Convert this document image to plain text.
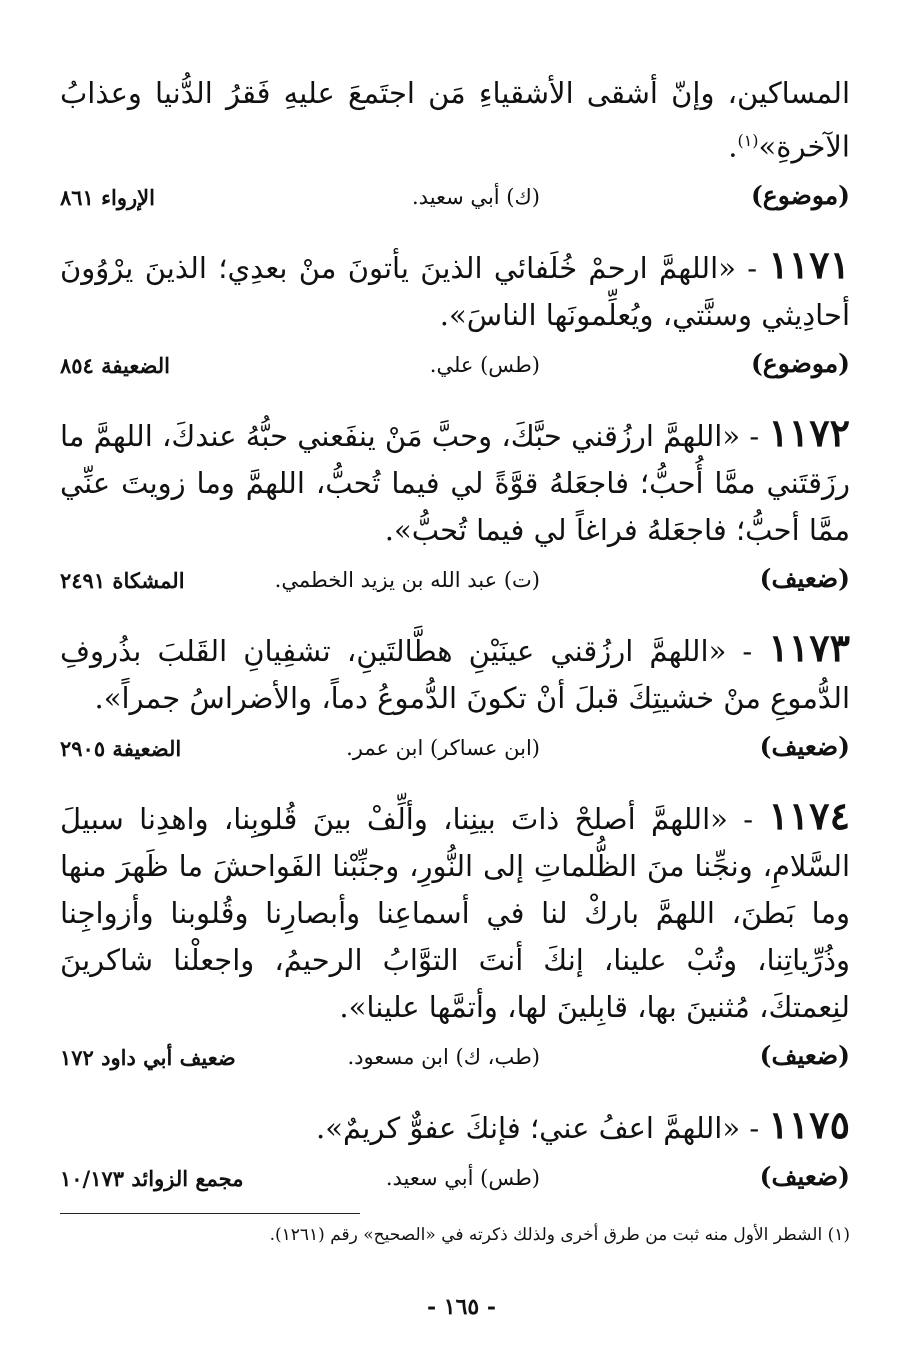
المساكين، وإنّ أشقى الأشقياءِ مَن اجتَمعَ عليهِ فَقرُ الدُّنيا وعذابُ الآخرةِ»$^{(١)}$.

(موضوع)
(ك) أبي سعيد.
الإرواء ٨٦١

١١٧١ - «اللهمَّ ارحمْ خُلَفائي الذينَ يأتونَ منْ بعدِي؛ الذينَ يرْوُونَ أحادِيثي وسنَّتي، ويُعلِّمونَها الناسَ».

(موضوع)
(طس) علي.
الضعيفة ٨٥٤

١١٧٢ - «اللهمَّ ارزُقني حبَّكَ، وحبَّ مَنْ ينفَعني حبُّهُ عندكَ، اللهمَّ ما رزَقتَني ممَّا أُحبُّ؛ فاجعَلهُ قوَّةً لي فيما تُحبُّ، اللهمَّ وما زويتَ عنِّي ممَّا أحبُّ؛ فاجعَلهُ فراغاً لي فيما تُحبُّ».

(ضعيف)
(ت) عبد الله بن يزيد الخطمي.
المشكاة ٢٤٩١

١١٧٣ - «اللهمَّ ارزُقني عينَيْنِ هطَّالتَينِ، تشفِيانِ القَلبَ بذُروفِ الدُّموعِ منْ خشيتِكَ قبلَ أنْ تكونَ الدُّموعُ دماً، والأضراسُ جمراً».

(ضعيف)
(ابن عساكر) ابن عمر.
الضعيفة ٢٩٠٥

١١٧٤ - «اللهمَّ أصلحْ ذاتَ بينِنا، وألِّفْ بينَ قُلوبِنا، واهدِنا سبيلَ السَّلامِ، ونجِّنا منَ الظُّلماتِ إلى النُّورِ، وجنِّبْنا الفَواحشَ ما ظَهرَ منها وما بَطنَ، اللهمَّ باركْ لنا في أسماعِنا وأبصارِنا وقُلوبنا وأزواجِنا وذُرِّياتِنا، وتُبْ علينا، إنكَ أنتَ التوَّابُ الرحيمُ، واجعلْنا شاكرينَ لنِعمتكَ، مُثنينَ بها، قابِلينَ لها، وأتمَّها علينا».

(ضعيف)
(طب، ك) ابن مسعود.
ضعيف أبي داود ١٧٢

١١٧٥ - «اللهمَّ اعفُ عني؛ فإنكَ عفوٌّ كريمٌ».

(ضعيف)
(طس) أبي سعيد.
مجمع الزوائد ١٠/١٧٣
(١) الشطر الأول منه ثبت من طرق أخرى ولذلك ذكرته في «الصحيح» رقم (١٢٦١).
- ١٦٥ -
